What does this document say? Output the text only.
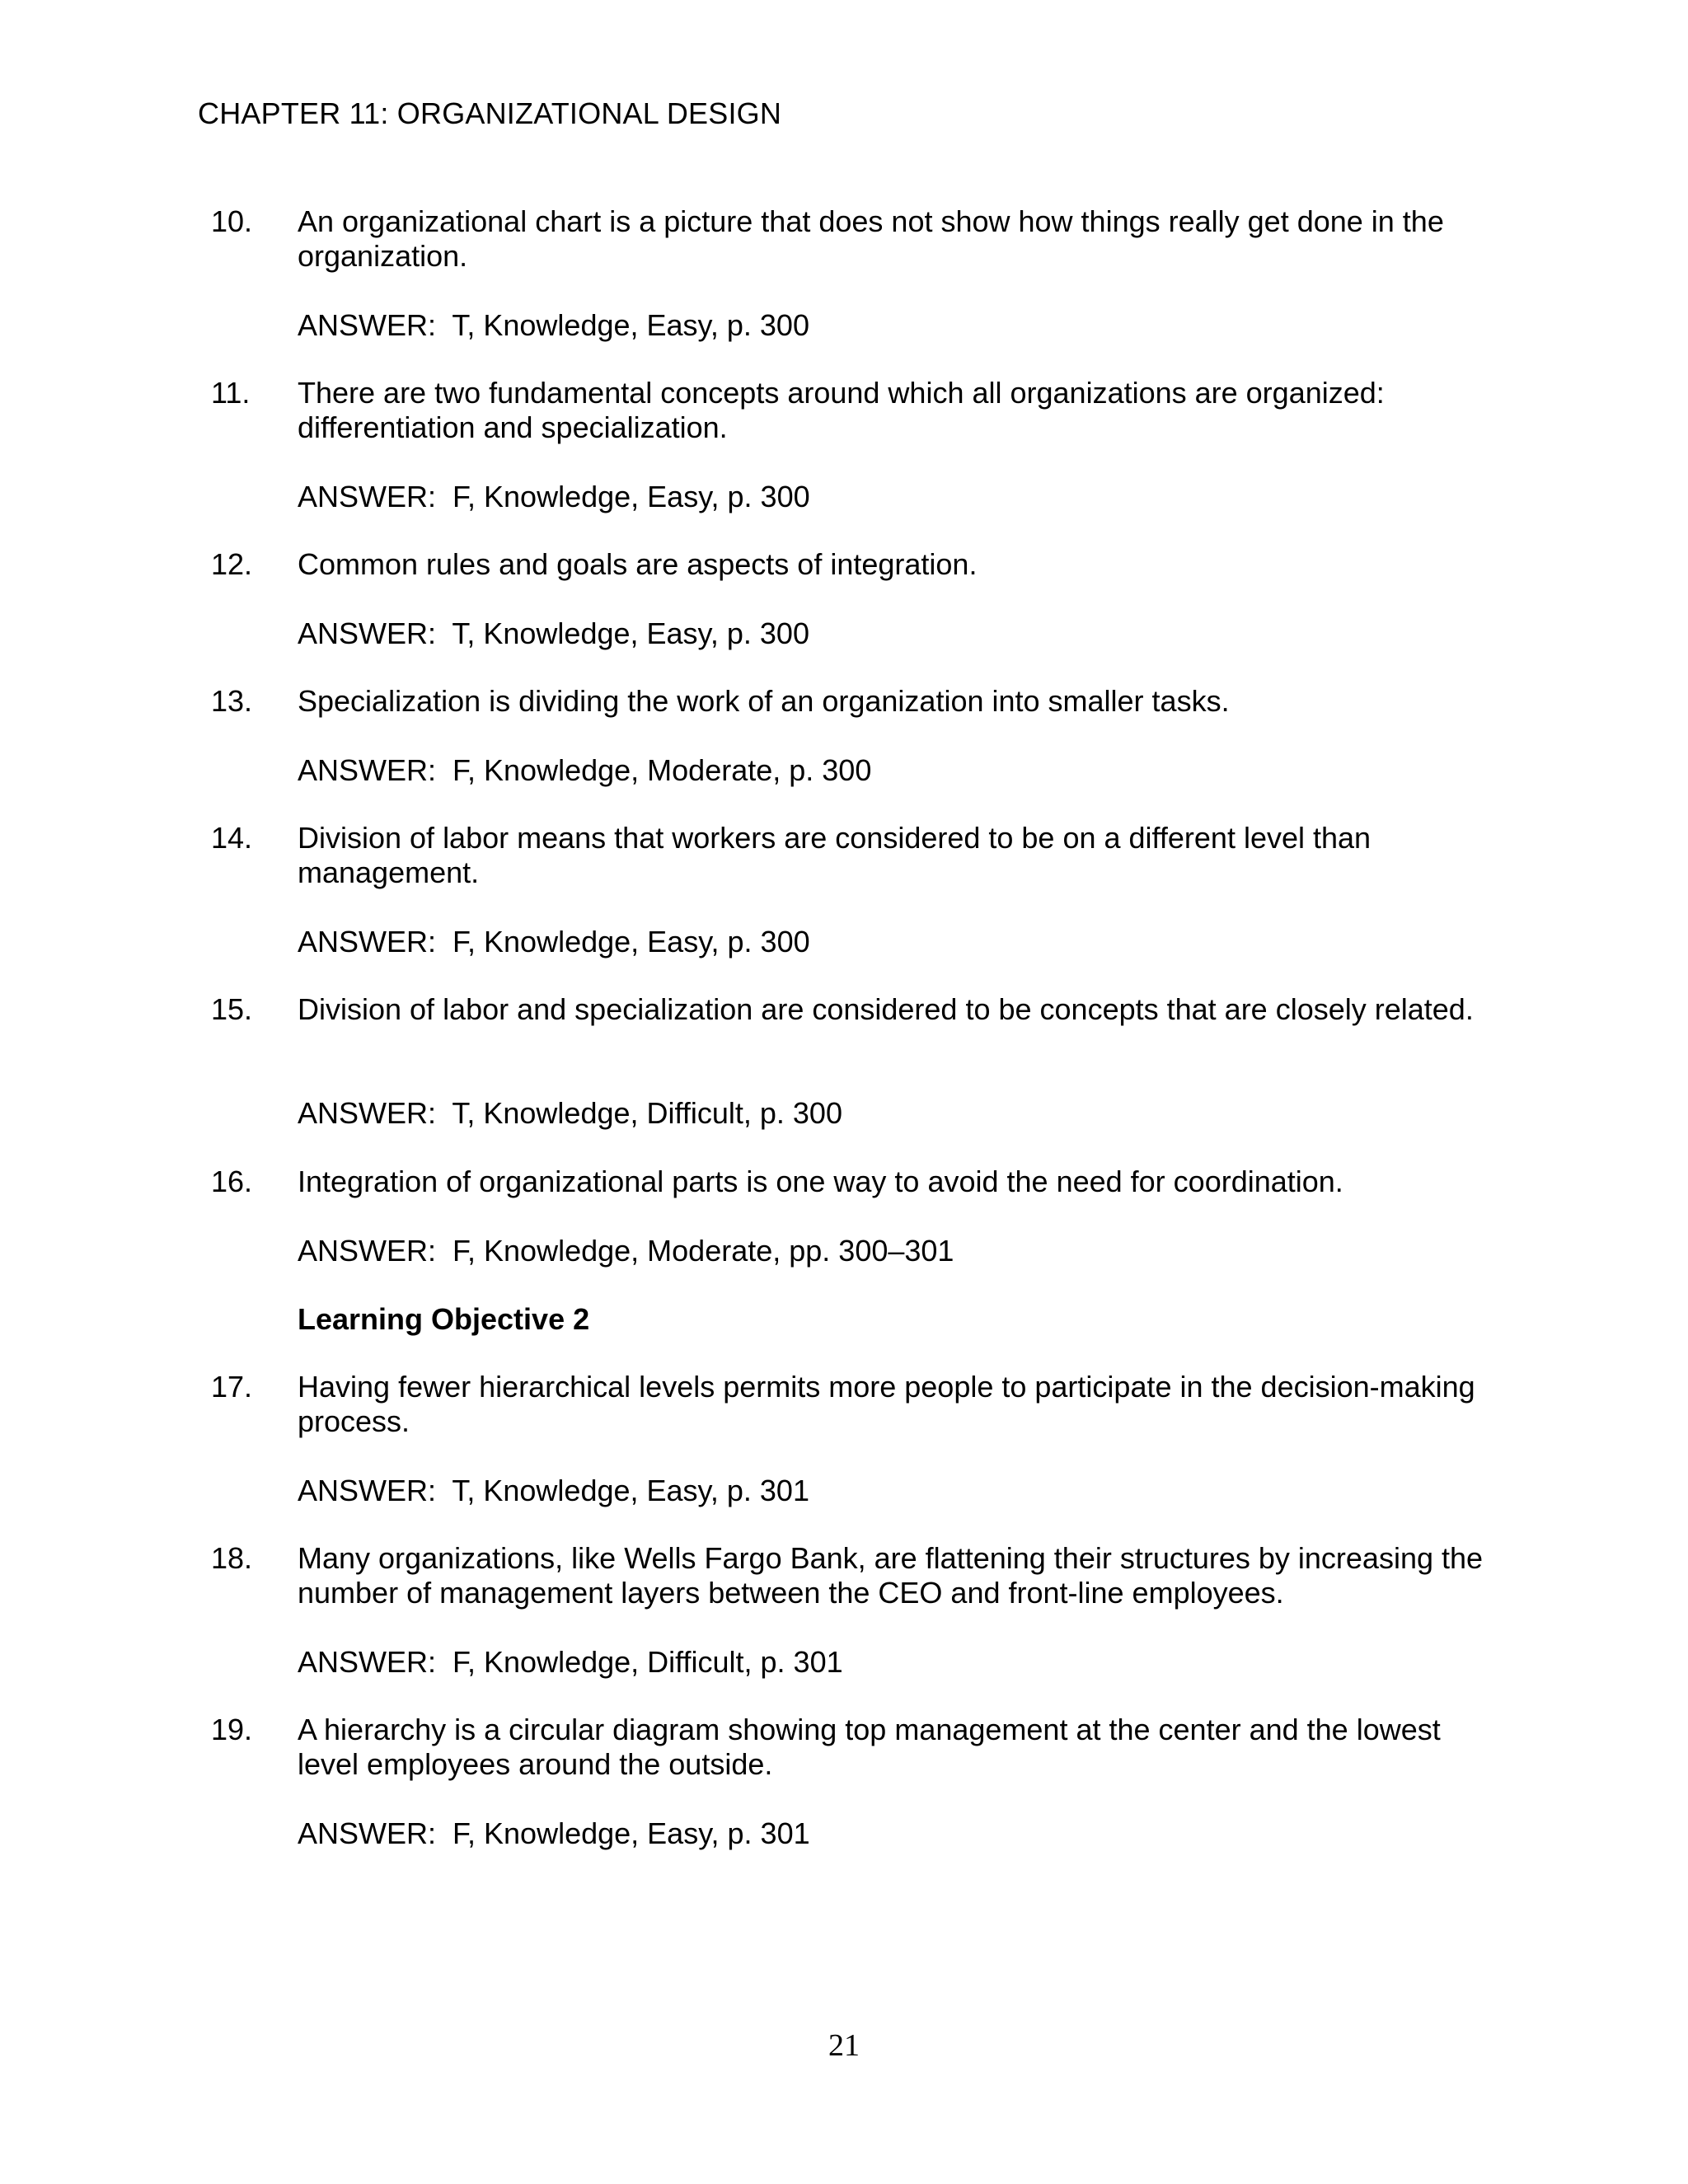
CHAPTER 11: ORGANIZATIONAL DESIGN
10. An organizational chart is a picture that does not show how things really get done in the organization.
ANSWER:  T, Knowledge, Easy, p. 300
11. There are two fundamental concepts around which all organizations are organized: differentiation and specialization.
ANSWER:  F, Knowledge, Easy, p. 300
12. Common rules and goals are aspects of integration.
ANSWER:  T, Knowledge, Easy, p. 300
13. Specialization is dividing the work of an organization into smaller tasks.
ANSWER:  F, Knowledge, Moderate, p. 300
14. Division of labor means that workers are considered to be on a different level than management.
ANSWER:  F, Knowledge, Easy, p. 300
15. Division of labor and specialization are considered to be concepts that are closely related.
ANSWER:  T, Knowledge, Difficult, p. 300
16. Integration of organizational parts is one way to avoid the need for coordination.
ANSWER:  F, Knowledge, Moderate, pp. 300–301
Learning Objective 2
17. Having fewer hierarchical levels permits more people to participate in the decision-making process.
ANSWER:  T, Knowledge, Easy, p. 301
18. Many organizations, like Wells Fargo Bank, are flattening their structures by increasing the number of management layers between the CEO and front-line employees.
ANSWER:  F, Knowledge, Difficult, p. 301
19. A hierarchy is a circular diagram showing top management at the center and the lowest level employees around the outside.
ANSWER:  F, Knowledge, Easy, p. 301
21
